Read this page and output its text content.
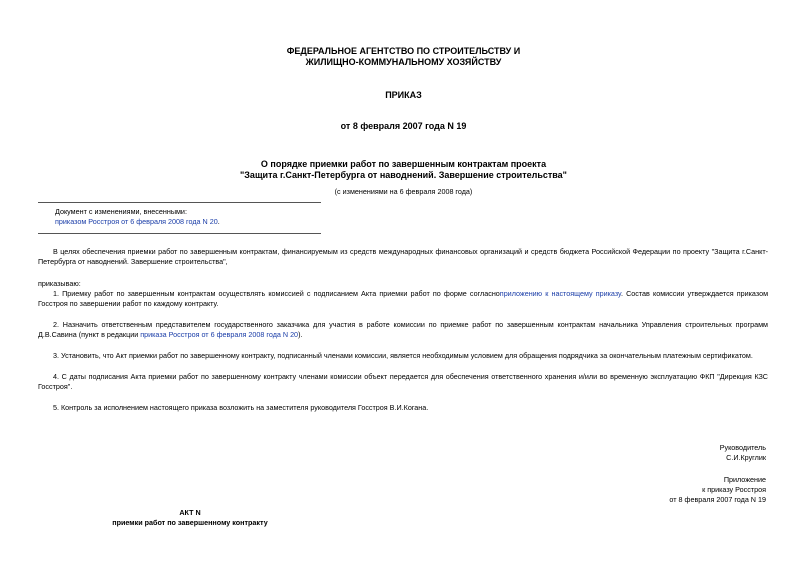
ФЕДЕРАЛЬНОЕ АГЕНТСТВО ПО СТРОИТЕЛЬСТВУ И
ЖИЛИЩНО-КОММУНАЛЬНОМУ ХОЗЯЙСТВУ
ПРИКАЗ
от 8 февраля 2007 года N 19
О порядке приемки работ по завершенным контрактам проекта
"Защита г.Санкт-Петербурга от наводнений. Завершение строительства"
(с изменениями на 6 февраля 2008 года)
Документ с изменениями, внесенными:
приказом Росстроя от 6 февраля 2008 года N 20.
В целях обеспечения приемки работ по завершенным контрактам, финансируемым из средств международных финансовых организаций и средств бюджета Российской Федерации по проекту "Защита г.Санкт-Петербурга от наводнений. Завершение строительства",
приказываю:
1. Приемку работ по завершенным контрактам осуществлять комиссией с подписанием Акта приемки работ по форме согласноприложению к настоящему приказу. Состав комиссии утверждается приказом Госстроя по завершении работ по каждому контракту.
2. Назначить ответственным представителем государственного заказчика для участия в работе комиссии по приемке работ по завершенным контрактам начальника Управления строительных программ Д.В.Савина (пункт в редакции приказа Росстроя от 6 февраля 2008 года N 20).
3. Установить, что Акт приемки работ по завершенному контракту, подписанный членами комиссии, является необходимым условием для обращения подрядчика за окончательным платежным сертификатом.
4. С даты подписания Акта приемки работ по завершенному контракту членами комиссии объект передается для обеспечения ответственного хранения и/или во временную эксплуатацию ФКП "Дирекция КЗС Госстроя".
5. Контроль за исполнением настоящего приказа возложить на заместителя руководителя Госстроя В.И.Когана.
Руководитель
С.И.Круглик
Приложение
к приказу Росстроя
от 8 февраля 2007 года N 19
АКТ N
приемки работ по завершенному контракту
